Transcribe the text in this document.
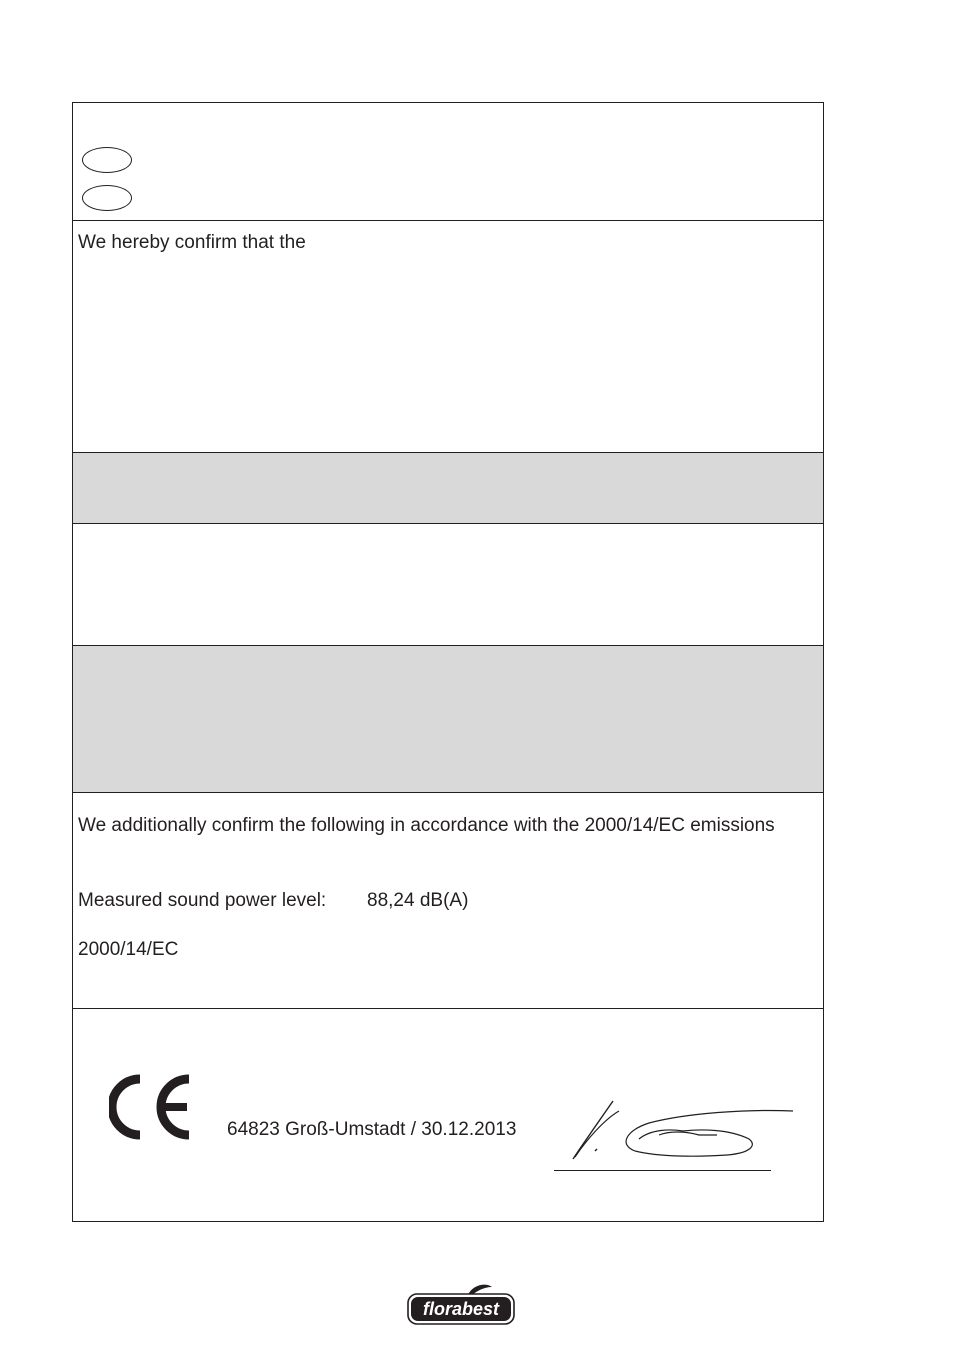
We hereby confirm that the
We additionally confirm the following in accordance with the 2000/14/EC emissions
Measured sound power level: 88,24 dB(A)
2000/14/EC
64823 Groß-Umstadt / 30.12.2013
florabest
